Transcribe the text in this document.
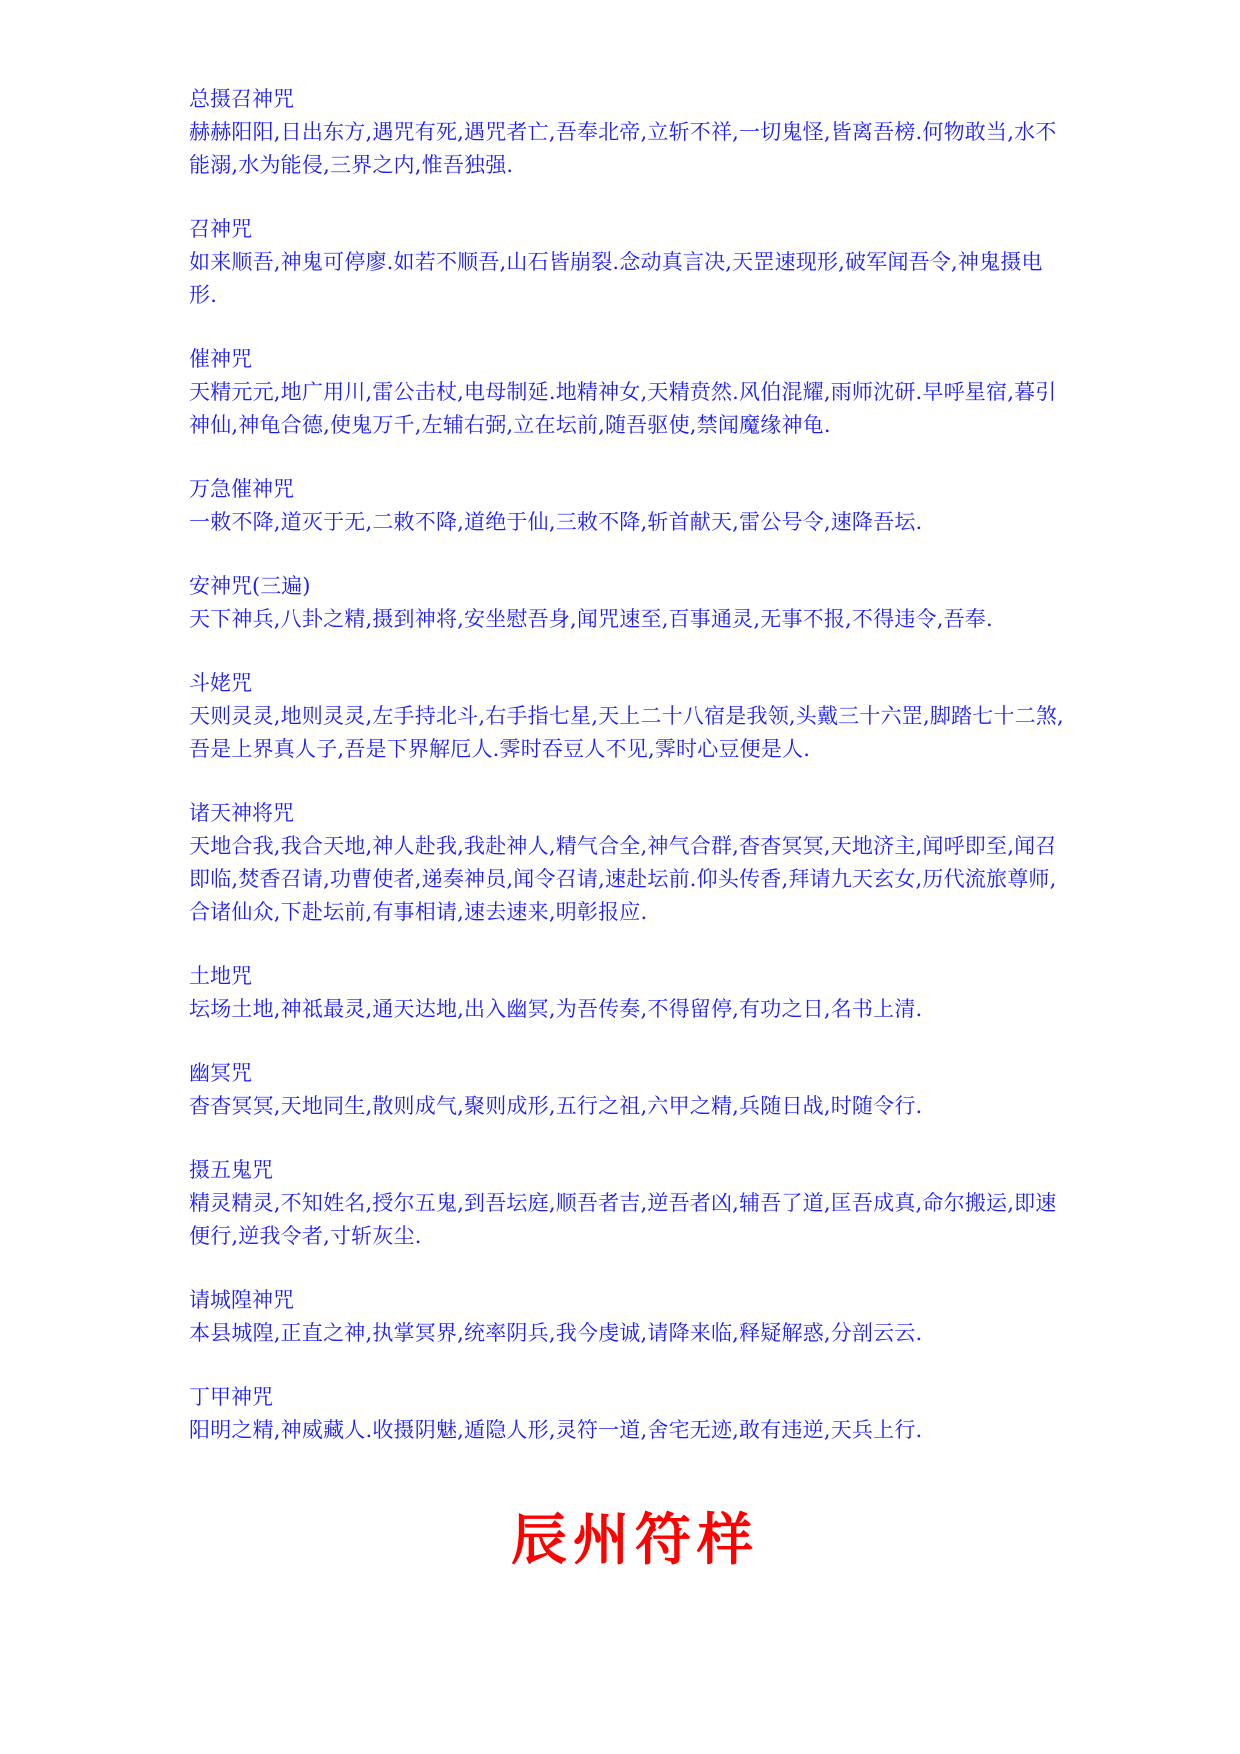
总摄召神咒
赫赫阳阳,日出东方,遇咒有死,遇咒者亡,吾奉北帝,立斩不祥,一切鬼怪,皆离吾榜.何物敢当,水不能溺,水为能侵,三界之内,惟吾独强.
召神咒
如来顺吾,神鬼可停廖.如若不顺吾,山石皆崩裂.念动真言决,天罡速现形,破军闻吾令,神鬼摄电形.
催神咒
天精元元,地广用川,雷公击杖,电母制延.地精神女,天精贲然.风伯混耀,雨师沈研.早呼星宿,暮引神仙,神龟合德,使鬼万千,左辅右弼,立在坛前,随吾驱使,禁闻魔缘神龟.
万急催神咒
一敕不降,道灭于无,二敕不降,道绝于仙,三敕不降,斩首献天,雷公号令,速降吾坛.
安神咒(三遍)
天下神兵,八卦之精,摄到神将,安坐慰吾身,闻咒速至,百事通灵,无事不报,不得违令,吾奉.
斗姥咒
天则灵灵,地则灵灵,左手持北斗,右手指七星,天上二十八宿是我领,头戴三十六罡,脚踏七十二煞,吾是上界真人子,吾是下界解厄人.霁时吞豆人不见,霁时心豆便是人.
诸天神将咒
天地合我,我合天地,神人赴我,我赴神人,精气合全,神气合群,杳杳冥冥,天地济主,闻呼即至,闻召即临,焚香召请,功曹使者,递奏神员,闻令召请,速赴坛前.仰头传香,拜请九天玄女,历代流旅尊师,合诸仙众,下赴坛前,有事相请,速去速来,明彰报应.
土地咒
坛场土地,神祗最灵,通天达地,出入幽冥,为吾传奏,不得留停,有功之日,名书上清.
幽冥咒
杳杳冥冥,天地同生,散则成气,聚则成形,五行之祖,六甲之精,兵随日战,时随令行.
摄五鬼咒
精灵精灵,不知姓名,授尔五鬼,到吾坛庭,顺吾者吉,逆吾者凶,辅吾了道,匡吾成真,命尔搬运,即速便行,逆我令者,寸斩灰尘.
请城隍神咒
本县城隍,正直之神,执掌冥界,统率阴兵,我今虔诚,请降来临,释疑解惑,分剖云云.
丁甲神咒
阳明之精,神威藏人.收摄阴魅,遁隐人形,灵符一道,舍宅无迹,敢有违逆,天兵上行.
辰州符样
